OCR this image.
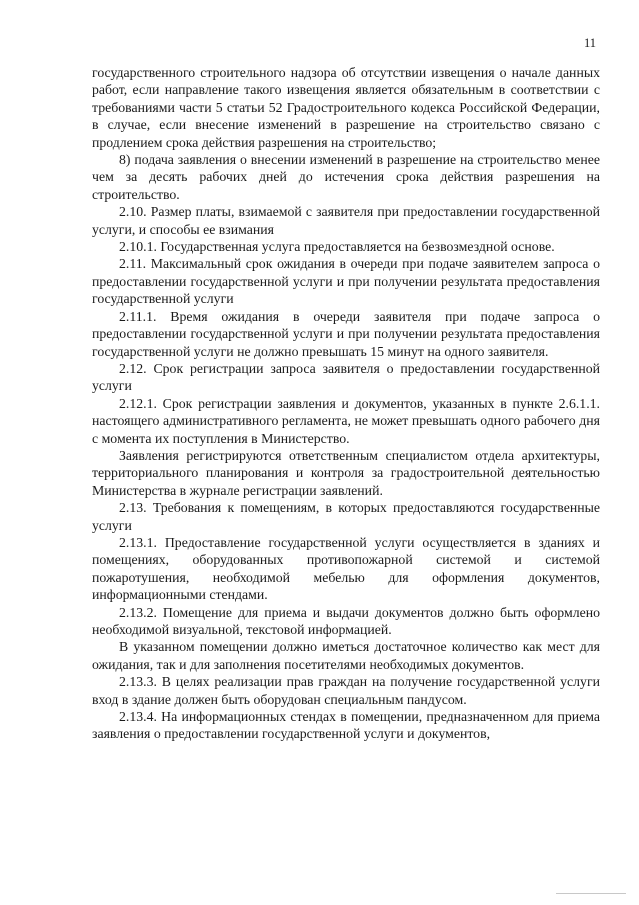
11

государственного строительного надзора об отсутствии извещения о начале данных работ, если направление такого извещения является обязательным в соответствии с требованиями части 5 статьи 52 Градостроительного кодекса Российской Федерации, в случае, если внесение изменений в разрешение на строительство связано с продлением срока действия разрешения на строительство;

8) подача заявления о внесении изменений в разрешение на строительство менее чем за десять рабочих дней до истечения срока действия разрешения на строительство.

2.10. Размер платы, взимаемой с заявителя при предоставлении государственной услуги, и способы ее взимания

2.10.1. Государственная услуга предоставляется на безвозмездной основе.

2.11. Максимальный срок ожидания в очереди при подаче заявителем запроса о предоставлении государственной услуги и при получении результата предоставления государственной услуги

2.11.1. Время ожидания в очереди заявителя при подаче запроса о предоставлении государственной услуги и при получении результата предоставления государственной услуги не должно превышать 15 минут на одного заявителя.

2.12. Срок регистрации запроса заявителя о предоставлении государственной услуги

2.12.1. Срок регистрации заявления и документов, указанных в пункте 2.6.1.1. настоящего административного регламента, не может превышать одного рабочего дня с момента их поступления в Министерство.

Заявления регистрируются ответственным специалистом отдела архитектуры, территориального планирования и контроля за градостроительной деятельностью Министерства в журнале регистрации заявлений.

2.13. Требования к помещениям, в которых предоставляются государственные услуги

2.13.1. Предоставление государственной услуги осуществляется в зданиях и помещениях, оборудованных противопожарной системой и системой пожаротушения, необходимой мебелью для оформления документов, информационными стендами.

2.13.2. Помещение для приема и выдачи документов должно быть оформлено необходимой визуальной, текстовой информацией.

В указанном помещении должно иметься достаточное количество как мест для ожидания, так и для заполнения посетителями необходимых документов.

2.13.3. В целях реализации прав граждан на получение государственной услуги вход в здание должен быть оборудован специальным пандусом.

2.13.4. На информационных стендах в помещении, предназначенном для приема заявления о предоставлении государственной услуги и документов,
